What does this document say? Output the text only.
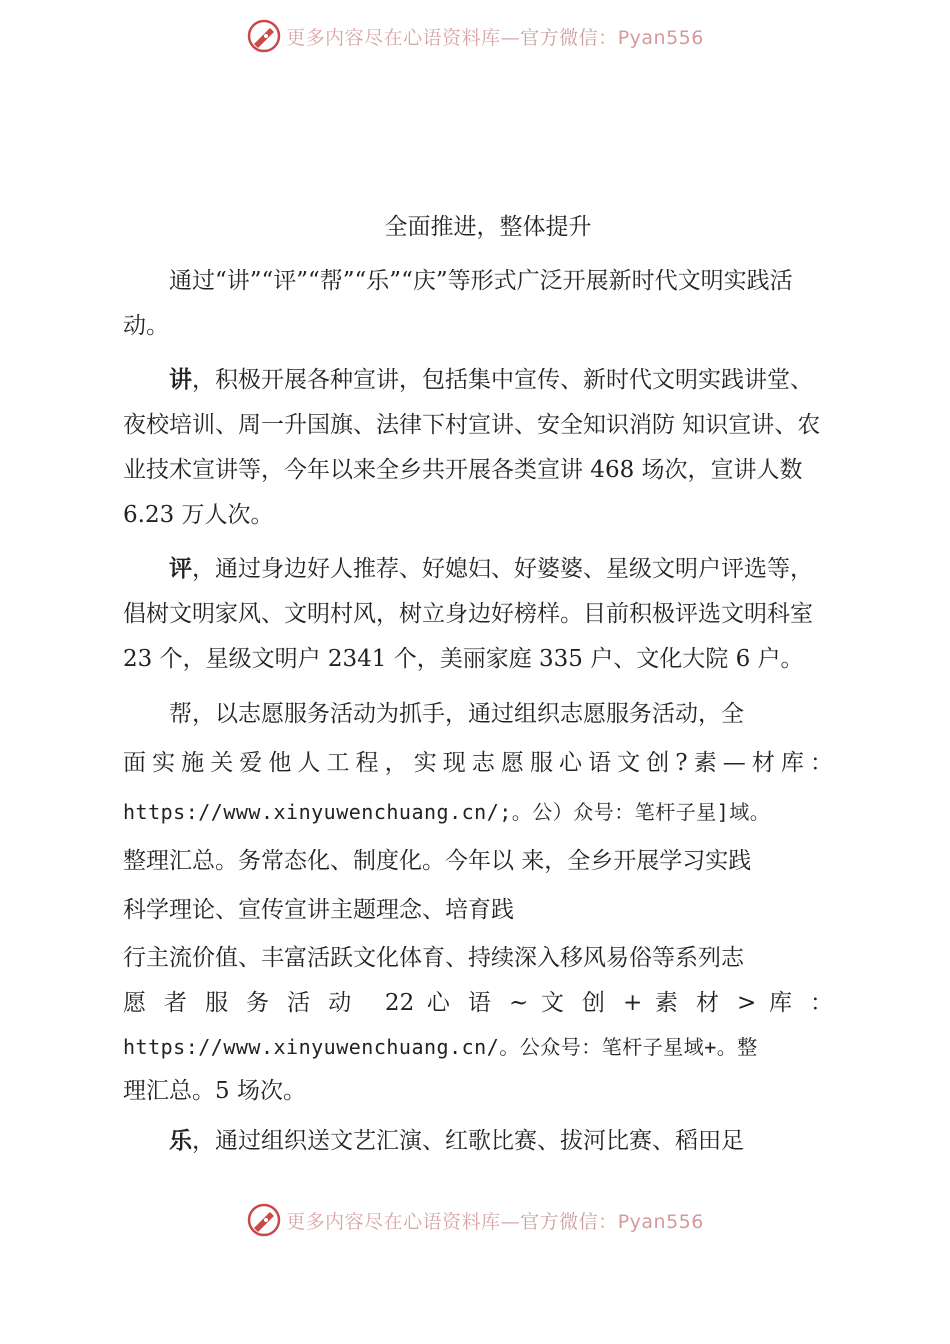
更多内容尽在心语资料库—官方微信：Pyan556
全面推进，整体提升
通过“讲”“评”“帮”“乐”“庆”等形式广泛开展新时代文明实践活动。
讲，积极开展各种宣讲，包括集中宣传、新时代文明实践讲堂、夜校培训、周一升国旗、法律下村宣讲、安全知识消防 知识宣讲、农业技术宣讲等，今年以来全乡共开展各类宣讲 468 场次，宣讲人数 6.23 万人次。
评，通过身边好人推荐、好媳妇、好婆婆、星级文明户评选等，倡树文明家风、文明村风，树立身边好榜样。目前积极评选文明科室 23 个，星级文明户 2341 个，美丽家庭 335 户、文化大院 6 户。
帮，以志愿服务活动为抓手，通过组织志愿服务活动，全
面实施关爱他人工程，实现志愿服心语文创?素—材库：
https://www.xinyuwenchuang.cn/;。公）众号：笔杆子星]域。
整理汇总。务常态化、制度化。今年以 来，全乡开展学习实践
科学理论、宣传宣讲主题理念、培育践
行主流价值、丰富活跃文化体育、持续深入移风易俗等系列志
愿 者 服 务 活 动　22 心 语 ~ 文 创 + 素 材 > 库 ：
https://www.xinyuwenchuang.cn/。公众号：笔杆子星域+。整
理汇总。5 场次。
乐，通过组织送文艺汇演、红歌比赛、拔河比赛、稻田足
更多内容尽在心语资料库—官方微信：Pyan556
